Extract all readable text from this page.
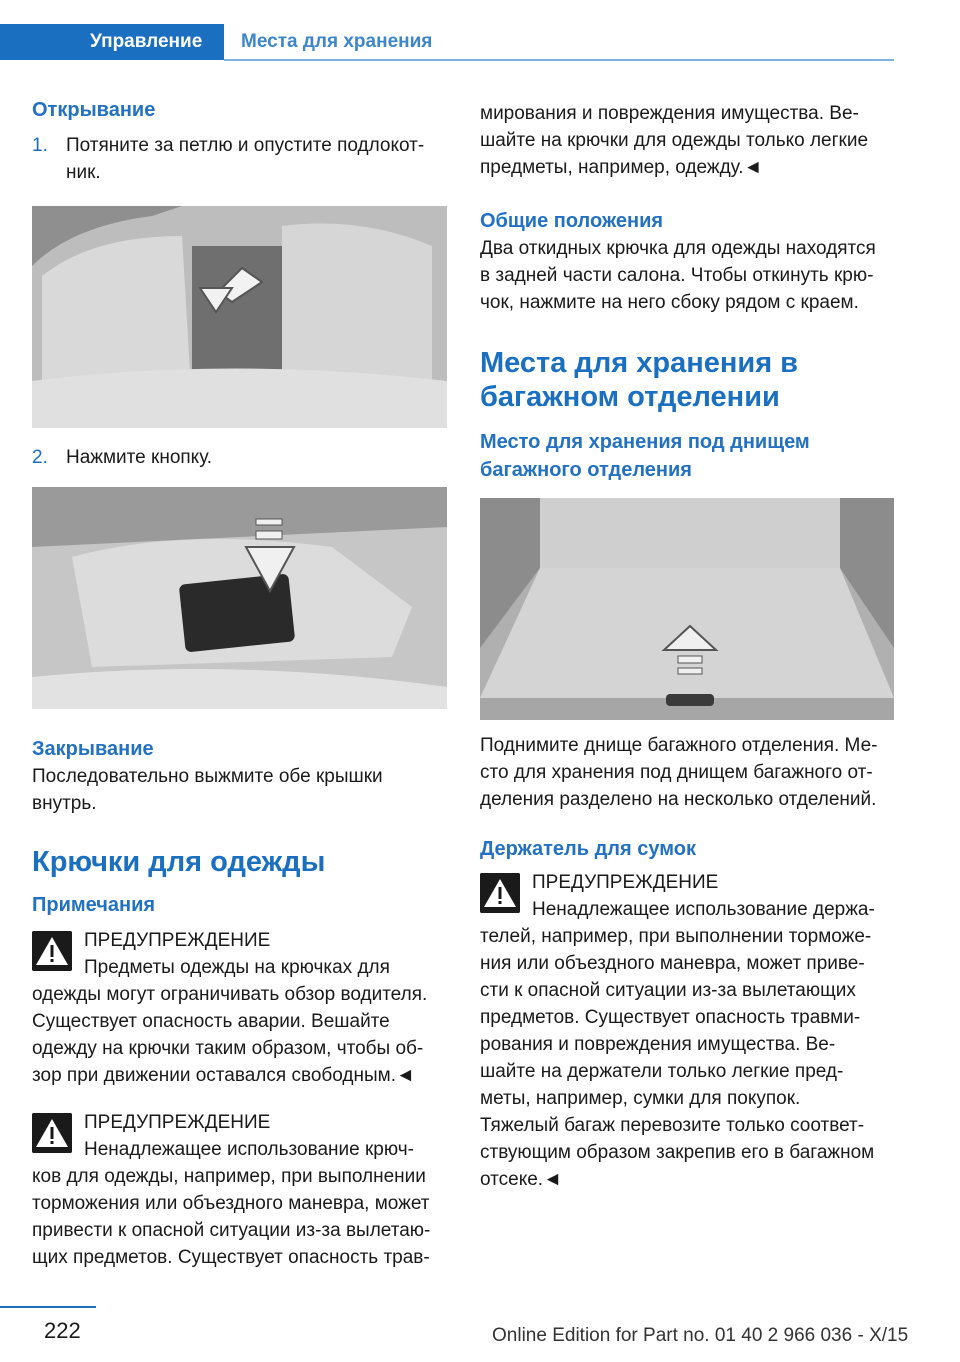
Управление	Места для хранения
Открывание
1. Потяните за петлю и опустите подлокот-
ник.
2. Нажмите кнопку.
Закрывание

Последовательно выжмите обе крышки

внутрь.

Крючки для одежды
Примечания

ПРЕДУПРЕЖДЕНИЕ

Предметы одежды на крючках для

одежды могут ограничивать обзор водителя.

Существует опасность аварии. Вешайте

одежду на крючки таким образом, чтобы об-

зор при движении оставался свободным.◄

ПРЕДУПРЕЖДЕНИЕ

Ненадлежащее использование крюч-

ков для одежды, например, при выполнении

торможения или объездного маневра, может

привести к опасной ситуации из-за вылетаю-

щих предметов. Существует опасность трав-

мирования и повреждения имущества. Ве-

шайте на крючки для одежды только легкие

предметы, например, одежду.◄

Общие положения

Два откидных крючка для одежды находятся

в задней части салона. Чтобы откинуть крю-

чок, нажмите на него сбоку рядом с краем.

Места для хранения в
багажном отделении
Место для хранения под днищем
багажного отделения

Поднимите днище багажного отделения. Ме-

сто для хранения под днищем багажного от-

деления разделено на несколько отделений.

Держатель для сумок

ПРЕДУПРЕЖДЕНИЕ

Ненадлежащее использование держа-

телей, например, при выполнении торможе-

ния или объездного маневра, может приве-

сти к опасной ситуации из-за вылетающих

предметов. Существует опасность травми-

рования и повреждения имущества. Ве-

шайте на держатели только легкие пред-

меты, например, сумки для покупок.

Тяжелый багаж перевозите только соответ-

ствующим образом закрепив его в багажном

отсеке.◄

222	Online Edition for Part no. 01 40 2 966 036 - X/15
